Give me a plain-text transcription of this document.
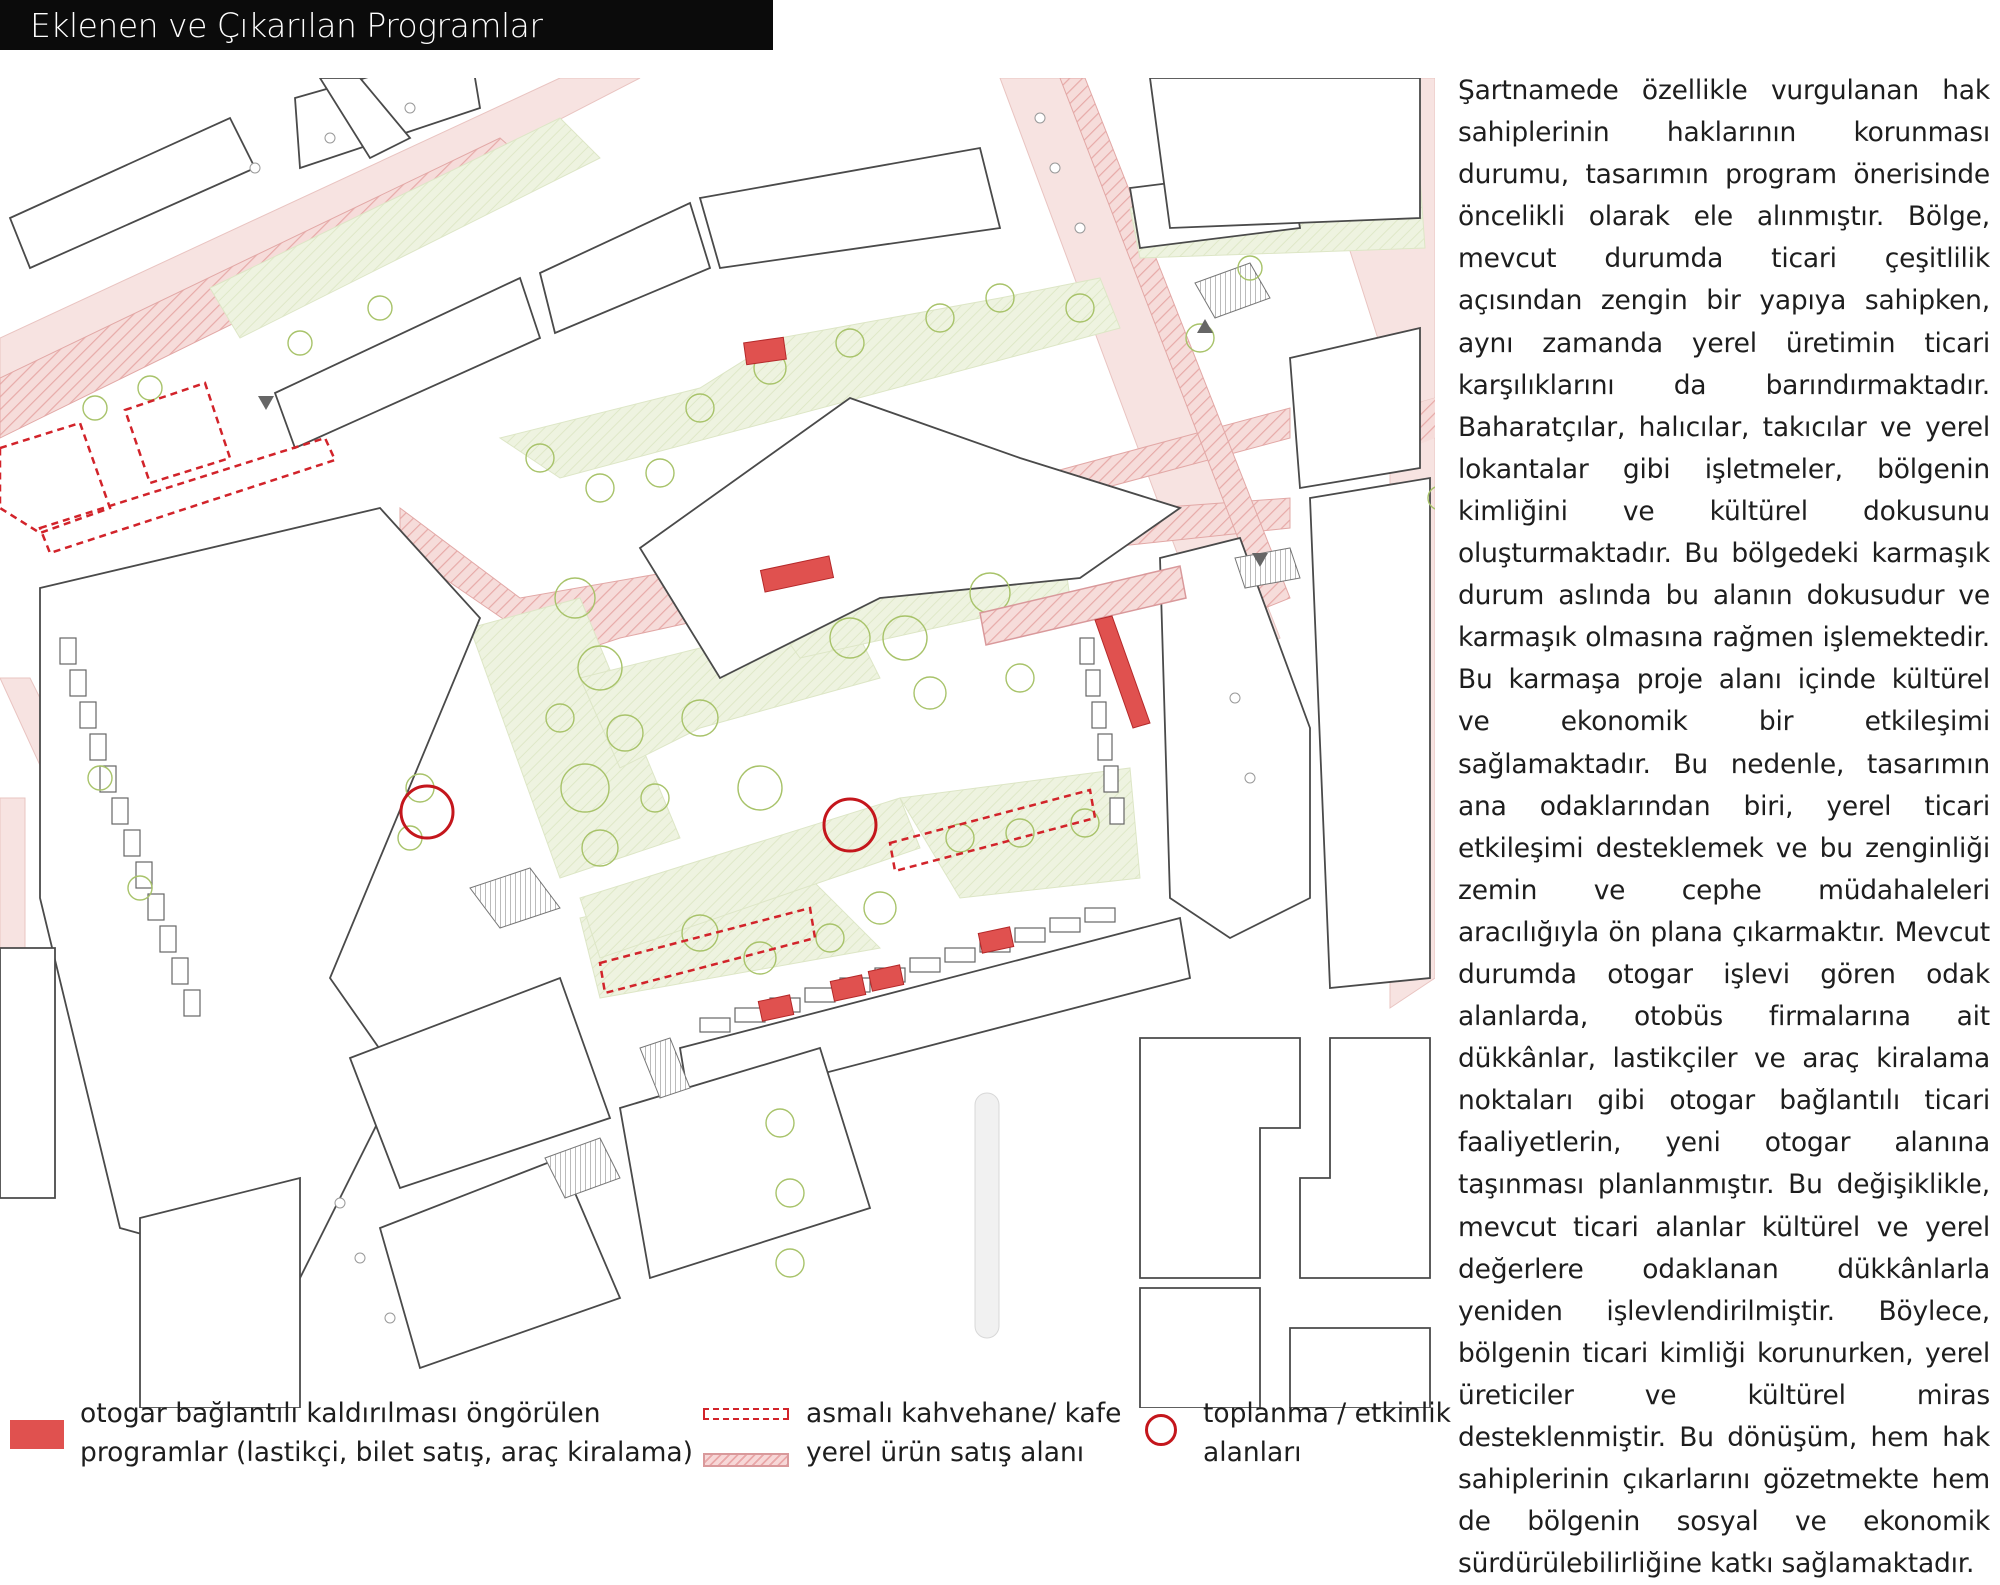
Eklenen ve Çıkarılan Programlar

Şartnamede özellikle vurgulanan hak sahiplerinin haklarının korunması durumu, tasarımın program önerisinde öncelikli olarak ele alınmıştır. Bölge, mevcut durumda ticari çeşitlilik açısından zengin bir yapıya sahipken, aynı zamanda yerel üretimin ticari karşılıklarını da barındırmaktadır. Baharatçılar, halıcılar, takıcılar ve yerel lokantalar gibi işletmeler, bölgenin kimliğini ve kültürel dokusunu oluşturmaktadır. Bu bölgedeki karmaşık durum aslında bu alanın dokusudur ve karmaşık olmasına rağmen işlemektedir. Bu karmaşa proje alanı içinde kültürel ve ekonomik bir etkileşimi sağlamaktadır. Bu nedenle, tasarımın ana odaklarından biri, yerel ticari etkileşimi desteklemek ve bu zenginliği zemin ve cephe müdahaleleri aracılığıyla ön plana çıkarmaktır. Mevcut durumda otogar işlevi gören odak alanlarda, otobüs firmalarına ait dükkânlar, lastikçiler ve araç kiralama noktaları gibi otogar bağlantılı ticari faaliyetlerin, yeni otogar alanına taşınması planlanmıştır. Bu değişiklikle, mevcut ticari alanlar kültürel ve yerel değerlere odaklanan dükkânlarla yeniden işlevlendirilmiştir. Böylece, bölgenin ticari kimliği korunurken, yerel üreticiler ve kültürel miras desteklenmiştir. Bu dönüşüm, hem hak sahiplerinin çıkarlarını gözetmekte hem de bölgenin sosyal ve ekonomik sürdürülebilirliğine katkı sağlamaktadır.

otogar bağlantılı kaldırılması öngörülen
programlar (lastikçi, bilet satış, araç kiralama)
asmalı kahvehane/ kafe
yerel ürün satış alanı
toplanma / etkinlik
alanları
